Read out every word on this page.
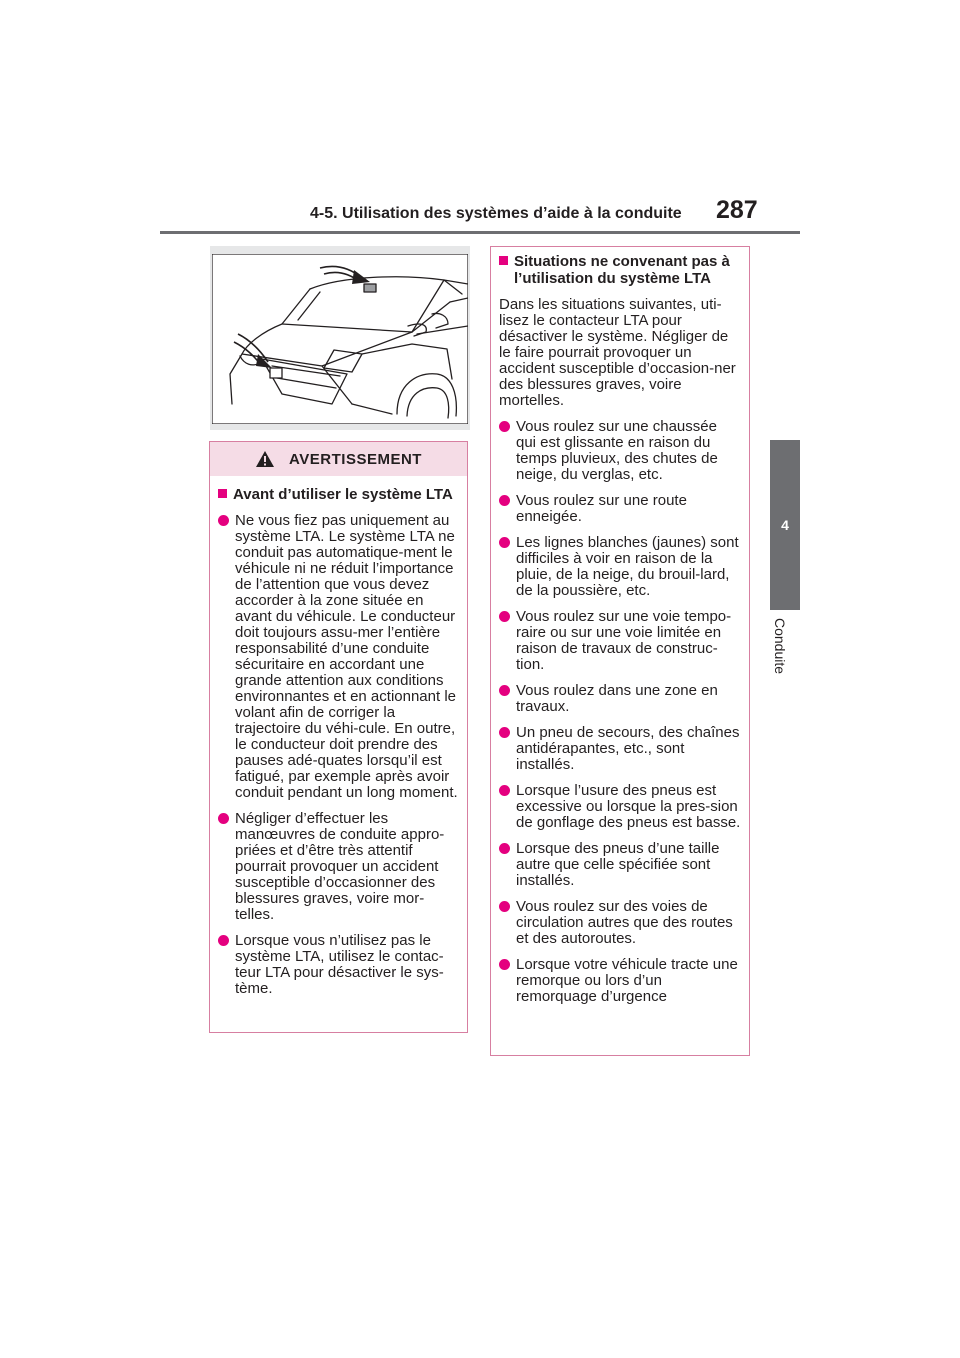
4-5. Utilisation des systèmes d’aide à la conduite 287
4
Conduite
AVERTISSEMENT
Avant d’utiliser le système LTA
Ne vous fiez pas uniquement au système LTA. Le système LTA ne conduit pas automatique-ment le véhicule ni ne réduit l’importance de l’attention que vous devez accorder à la zone située en avant du véhicule. Le conducteur doit toujours assu-mer l’entière responsabilité d’une conduite sécuritaire en accordant une grande attention aux conditions environnantes et en actionnant le volant afin de corriger la trajectoire du véhi-cule. En outre, le conducteur doit prendre des pauses adé-quates lorsqu’il est fatigué, par exemple après avoir conduit pendant un long moment.
Négliger d’effectuer les manœuvres de conduite appro-priées et d’être très attentif pourrait provoquer un accident susceptible d’occasionner des blessures graves, voire mor-telles.
Lorsque vous n’utilisez pas le système LTA, utilisez le contac-teur LTA pour désactiver le sys-tème.
Situations ne convenant pas à l’utilisation du système LTA
Dans les situations suivantes, uti-lisez le contacteur LTA pour désactiver le système. Négliger de le faire pourrait provoquer un accident susceptible d’occasion-ner des blessures graves, voire mortelles.
Vous roulez sur une chaussée qui est glissante en raison du temps pluvieux, des chutes de neige, du verglas, etc.
Vous roulez sur une route enneigée.
Les lignes blanches (jaunes) sont difficiles à voir en raison de la pluie, de la neige, du brouil-lard, de la poussière, etc.
Vous roulez sur une voie tempo-raire ou sur une voie limitée en raison de travaux de construc-tion.
Vous roulez dans une zone en travaux.
Un pneu de secours, des chaînes antidérapantes, etc., sont installés.
Lorsque l’usure des pneus est excessive ou lorsque la pres-sion de gonflage des pneus est basse.
Lorsque des pneus d’une taille autre que celle spécifiée sont installés.
Vous roulez sur des voies de circulation autres que des routes et des autoroutes.
Lorsque votre véhicule tracte une remorque ou lors d’un remorquage d’urgence
